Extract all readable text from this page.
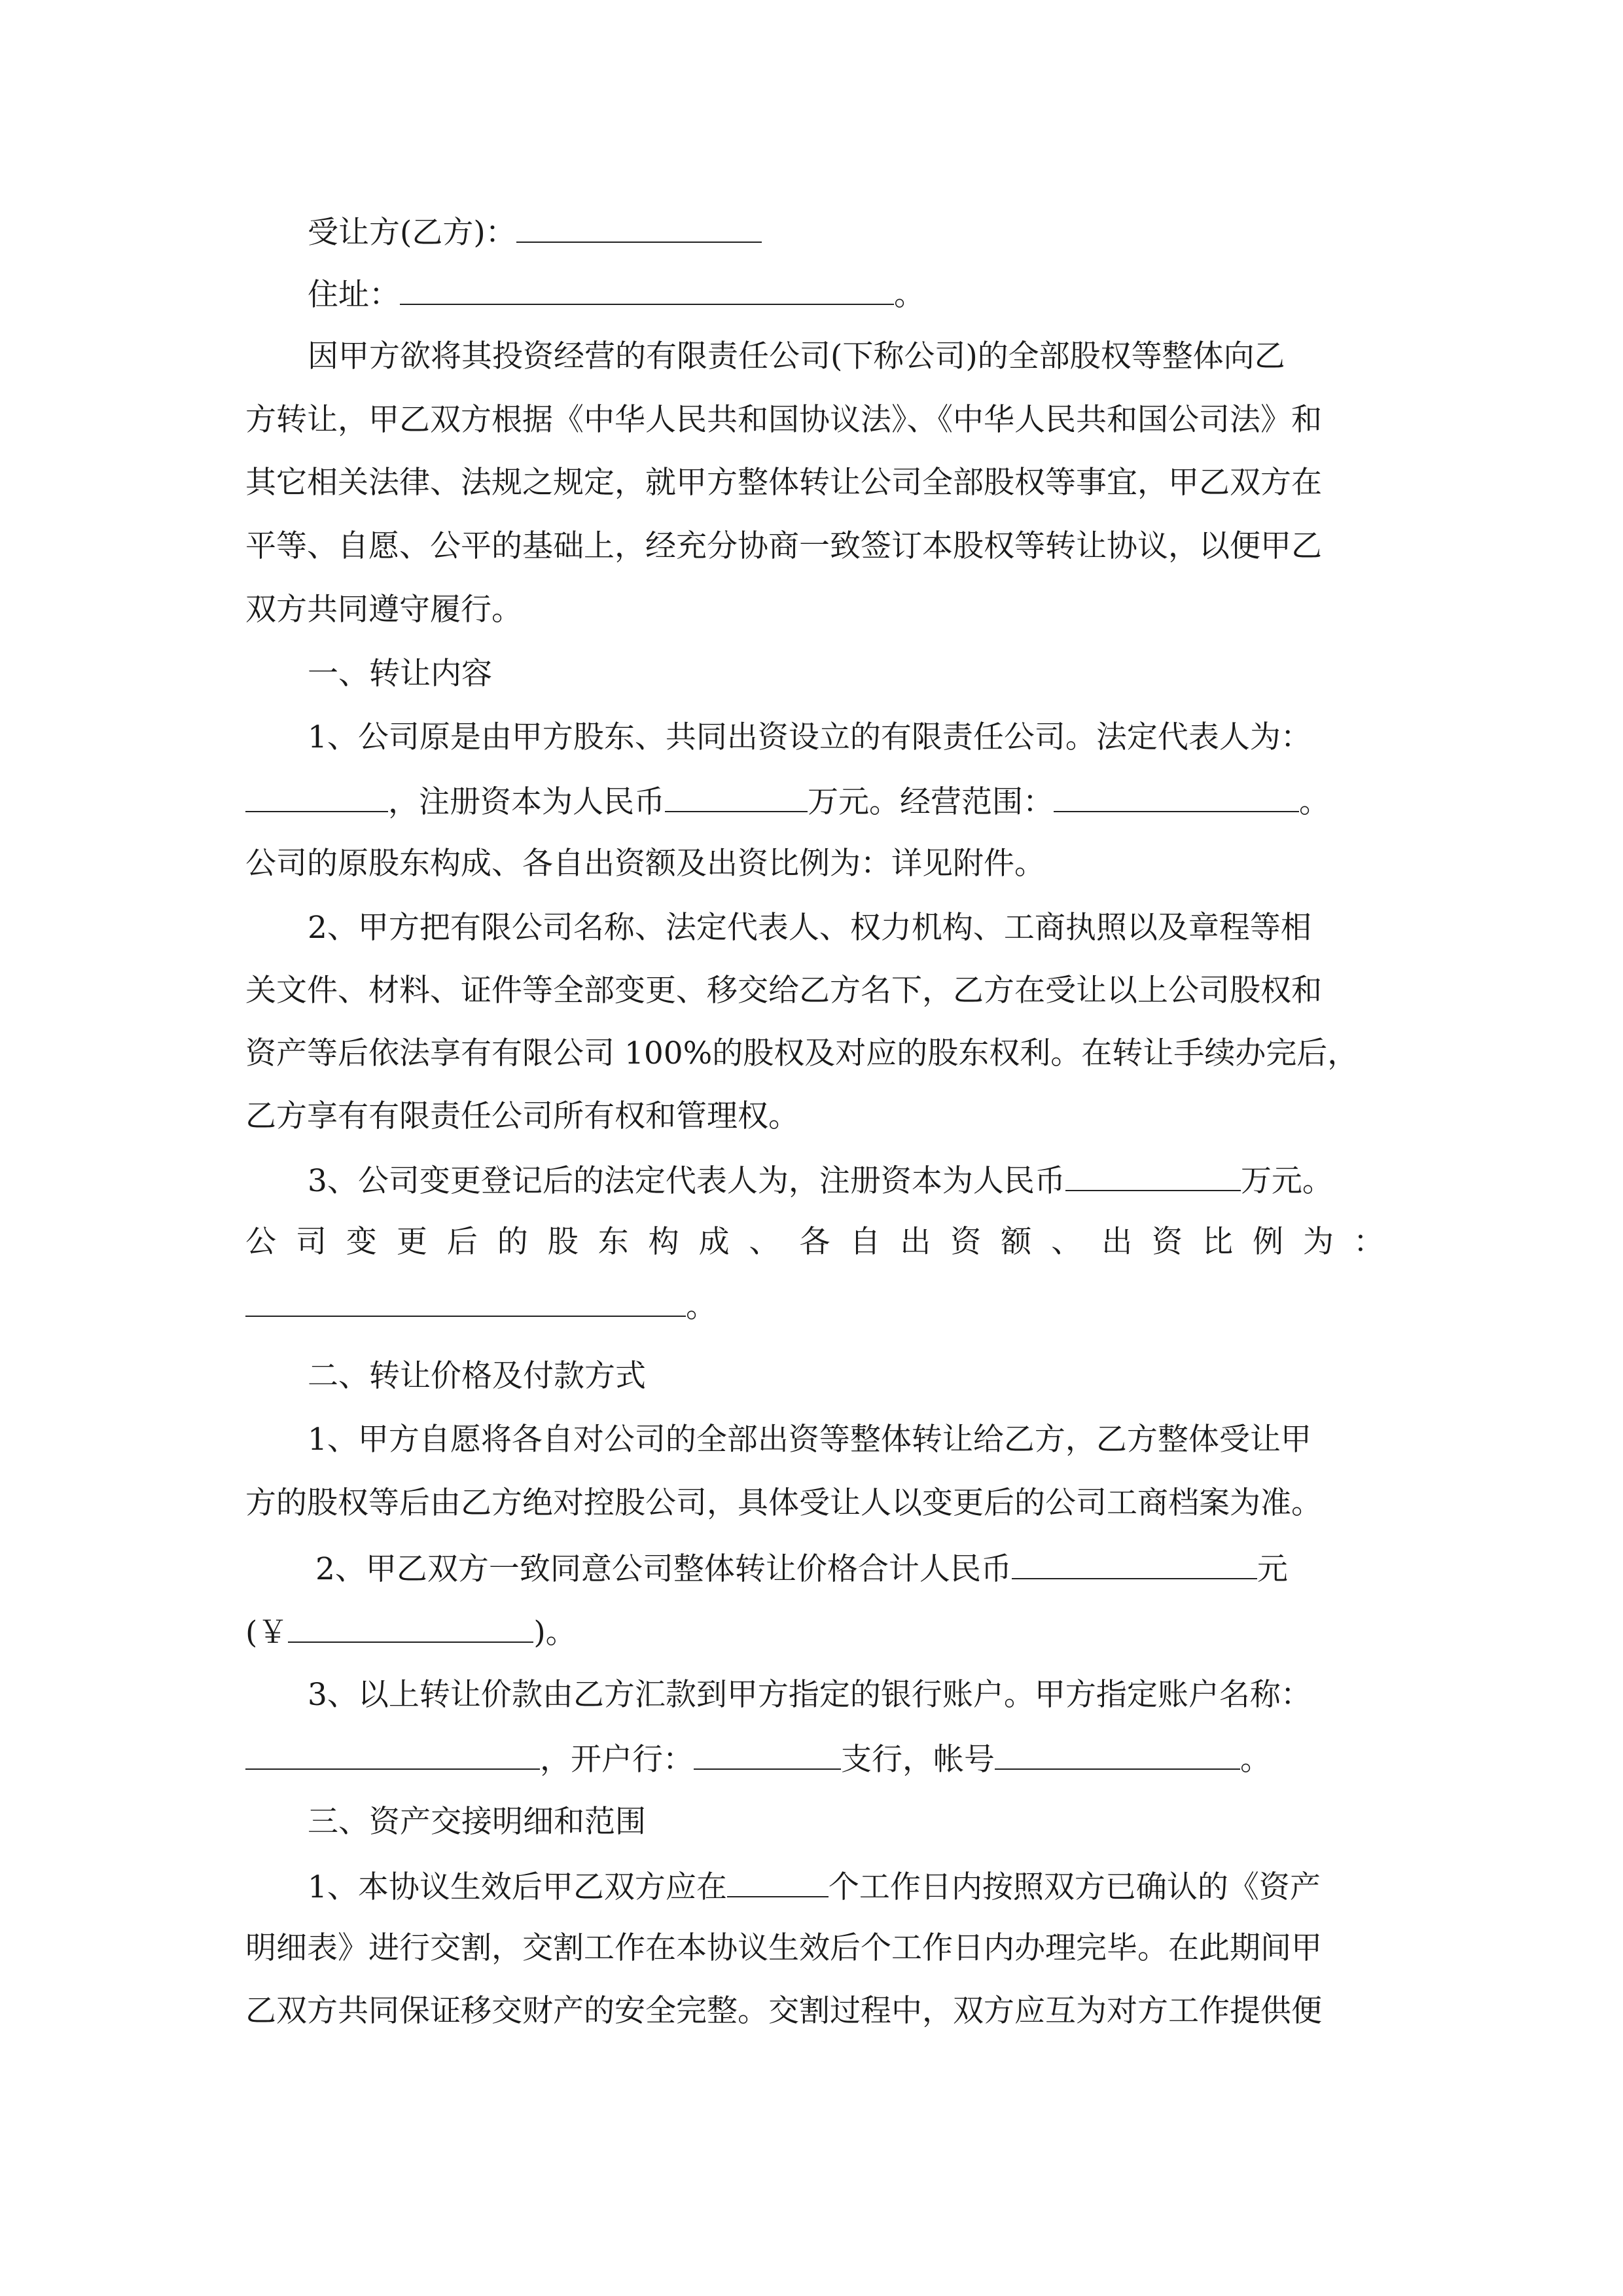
受让方(乙方)：
住址：	。
因甲方欲将其投资经营的有限责任公司(下称公司)的全部股权等整体向乙
方转让，甲乙双方根据《中华人民共和国协议法》、《中华人民共和国公司法》和
其它相关法律、法规之规定，就甲方整体转让公司全部股权等事宜，甲乙双方在
平等、自愿、公平的基础上，经充分协商一致签订本股权等转让协议，以便甲乙
双方共同遵守履行。
一、转让内容
1、公司原是由甲方股东、共同出资设立的有限责任公司。法定代表人为：
，注册资本为人民币	万元。经营范围：	。
公司的原股东构成、各自出资额及出资比例为：详见附件。
2、甲方把有限公司名称、法定代表人、权力机构、工商执照以及章程等相
关文件、材料、证件等全部变更、移交给乙方名下，乙方在受让以上公司股权和
资产等后依法享有有限公司 100%的股权及对应的股东权利。在转让手续办完后，
乙方享有有限责任公司所有权和管理权。
3、公司变更登记后的法定代表人为，注册资本为人民币	万元。
公 司 变 更 后 的 股 东 构 成 、 各 自 出 资 额 、 出 资 比 例 为 ：
。
二、转让价格及付款方式
1、甲方自愿将各自对公司的全部出资等整体转让给乙方，乙方整体受让甲
方的股权等后由乙方绝对控股公司，具体受让人以变更后的公司工商档案为准。
2、甲乙双方一致同意公司整体转让价格合计人民币	元
(￥	)。
3、以上转让价款由乙方汇款到甲方指定的银行账户。甲方指定账户名称：
，开户行：	支行，帐号	。
三、资产交接明细和范围
1、本协议生效后甲乙双方应在	个工作日内按照双方已确认的《资产
明细表》进行交割，交割工作在本协议生效后个工作日内办理完毕。在此期间甲
乙双方共同保证移交财产的安全完整。交割过程中，双方应互为对方工作提供便
